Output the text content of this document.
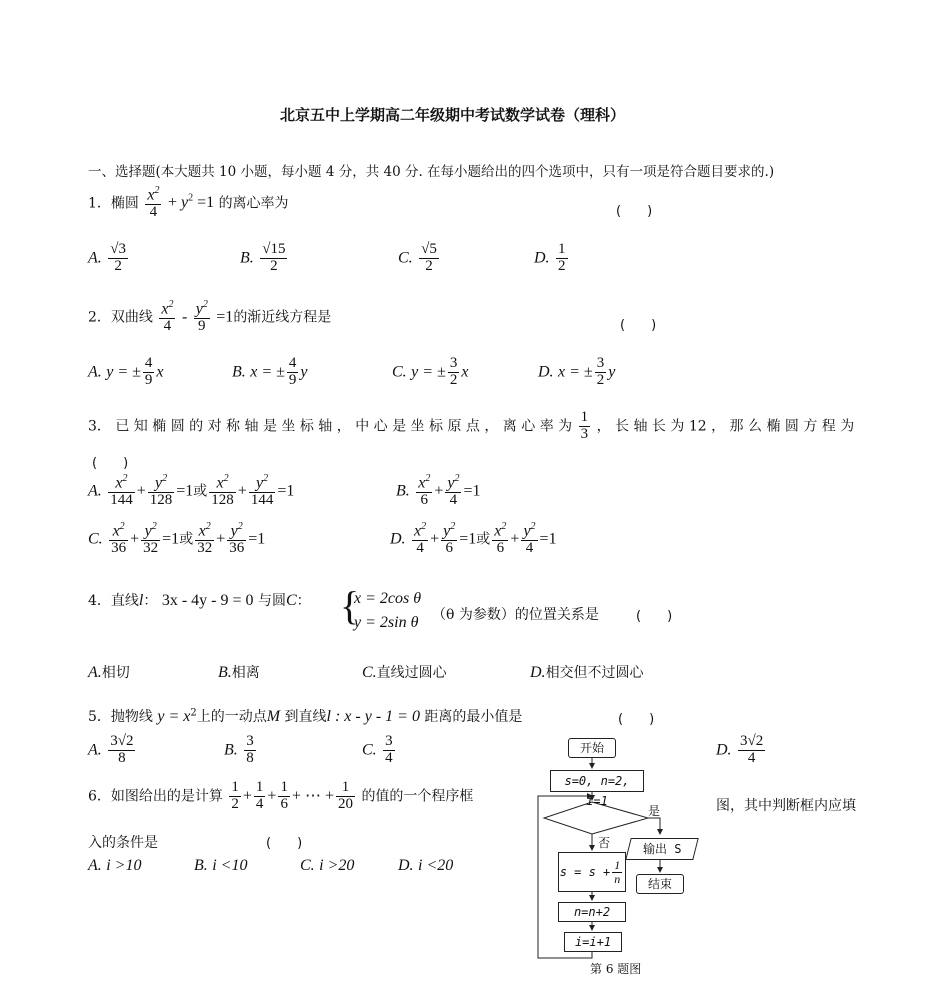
北京五中上学期高二年级期中考试数学试卷（理科）
一、选择题(本大题共 10 小题，每小题 4 分，共 40 分. 在每小题给出的四个选项中，只有一项是符合题目要求的.)
1．椭圆 $\frac{x^2}{4} + y^2 =1$ 的离心率为
(　　)
A. $\frac{√3}{2}$	B. $\frac{√15}{2}$	C. $\frac{√5}{2}$	D. $\frac{1}{2}$
2．双曲线 $\frac{x^2}{4} - \frac{y^2}{9} =1$的渐近线方程是
(　　)
A. y = ± $\frac{4}{9}$ x	B. x = ± $\frac{4}{9}$ y	C. y = ± $\frac{3}{2}$ x	D. x = ± $\frac{3}{2}$ y
3． 已 知 椭 圆 的 对 称 轴 是 坐 标 轴 ， 中 心 是 坐 标 原 点 ， 离 心 率 为 $\frac{1}{3}$ ， 长 轴 长 为 12 ， 那 么 椭 圆 方 程 为
(　　)
A. $\frac{x^2}{144} + \frac{y^2}{128} =1$或 $\frac{x^2}{128} + \frac{y^2}{144} =1$	B. $\frac{x^2}{6} + \frac{y^2}{4} =1$
C. $\frac{x^2}{36} + \frac{y^2}{32} =1$或 $\frac{x^2}{32} + \frac{y^2}{36} =1$	D. $\frac{x^2}{4} + \frac{y^2}{6} =1$或 $\frac{x^2}{6} + \frac{y^2}{4} =1$
4．直线l： 3x - 4y - 9 = 0 与圆C： {
x = 2cos θ
y = 2sin θ （θ 为参数）的位置关系是	(　　)
A.相切	B.相离	C.直线过圆心	D.相交但不过圆心
5．抛物线 $y = x^2$上的一动点M 到直线l : x - y - 1 = 0 距离的最小值是	(　　)
A. $\frac{3√2}{8}$	B. $\frac{3}{8}$	C. $\frac{3}{4}$	D. $\frac{3√2}{4}$
6．如图给出的是计算 $\frac{1}{2} + \frac{1}{4} + \frac{1}{6}$ + ⋯ + $\frac{1}{20}$ 的值的一个程序框
图，其中判断框内应填
入的条件是	(　　)
A. i >10	B. i <10	C. i >20	D. i <20
开始
s=0, n=2, i=1
是
否	输出 S
结束
$s = s + \frac{1}{n}$
n=n+2
i=i+1
第 6 题图
